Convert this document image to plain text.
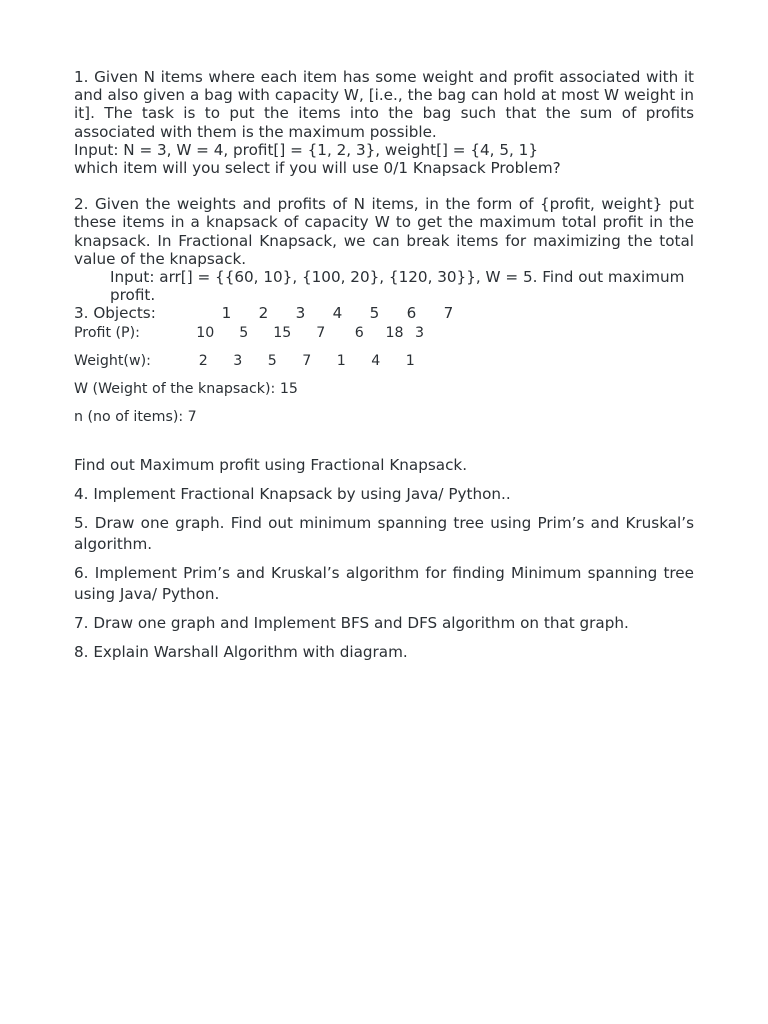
1. Given N items where each item has some weight and profit associated with it and also given a bag with capacity W, [i.e., the bag can hold at most W weight in it]. The task is to put the items into the bag such that the sum of profits associated with them is the maximum possible.
Input: N = 3, W = 4, profit[] = {1, 2, 3}, weight[] = {4, 5, 1}
which item will you select if you will use 0/1 Knapsack Problem?
2. Given the weights and profits of N items, in the form of {profit, weight} put these items in a knapsack of capacity W to get the maximum total profit in the knapsack. In Fractional Knapsack, we can break items for maximizing the total value of the knapsack.
Input: arr[] = {{60, 10}, {100, 20}, {120, 30}}, W = 5. Find out maximum profit.
3. Objects:	1	2	3	4	5	6	7
Profit (P):	10	5	15	7	6	18 3
Weight(w):	2	3	5	7	1	4	1
W (Weight of the knapsack): 15
n (no of items): 7
Find out Maximum profit using Fractional Knapsack.
4. Implement Fractional Knapsack by using Java/ Python..
5. Draw one graph. Find out minimum spanning tree using Prim’s and Kruskal’s algorithm.
6. Implement Prim’s and Kruskal’s algorithm for finding Minimum spanning tree using Java/ Python.
7. Draw one graph and Implement BFS and DFS algorithm on that graph.
8. Explain Warshall Algorithm with diagram.
